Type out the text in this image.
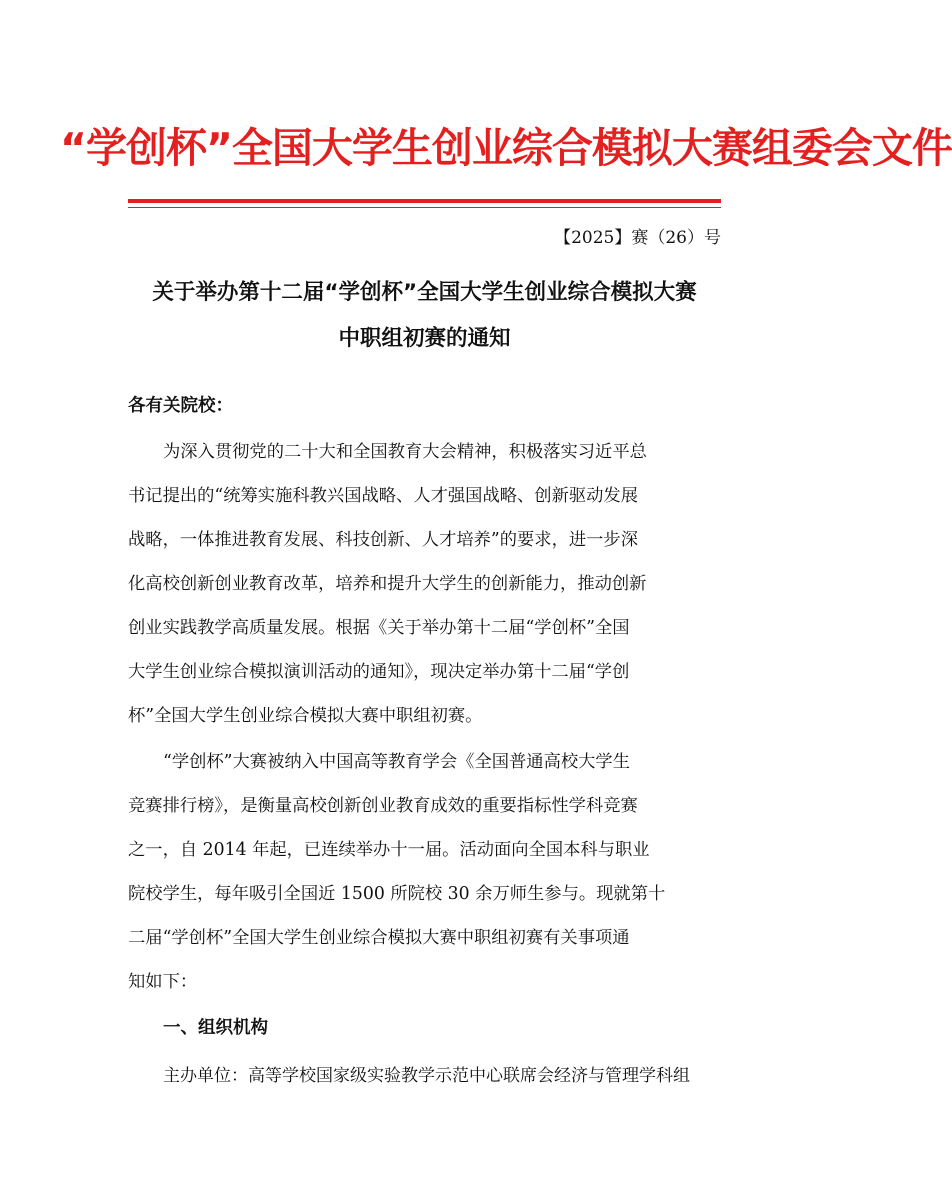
“学创杯”全国大学生创业综合模拟大赛组委会文件
【2025】赛（26）号
关于举办第十二届“学创杯”全国大学生创业综合模拟大赛
中职组初赛的通知
各有关院校：
为深入贯彻党的二十大和全国教育大会精神，积极落实习近平总
书记提出的“统筹实施科教兴国战略、人才强国战略、创新驱动发展
战略，一体推进教育发展、科技创新、人才培养”的要求，进一步深
化高校创新创业教育改革，培养和提升大学生的创新能力，推动创新
创业实践教学高质量发展。根据《关于举办第十二届“学创杯”全国
大学生创业综合模拟演训活动的通知》，现决定举办第十二届“学创
杯”全国大学生创业综合模拟大赛中职组初赛。
“学创杯”大赛被纳入中国高等教育学会《全国普通高校大学生
竞赛排行榜》，是衡量高校创新创业教育成效的重要指标性学科竞赛
之一，自 2014 年起，已连续举办十一届。活动面向全国本科与职业
院校学生，每年吸引全国近 1500 所院校 30 余万师生参与。现就第十
二届“学创杯”全国大学生创业综合模拟大赛中职组初赛有关事项通
知如下：
一、组织机构
主办单位：高等学校国家级实验教学示范中心联席会经济与管理学科组
